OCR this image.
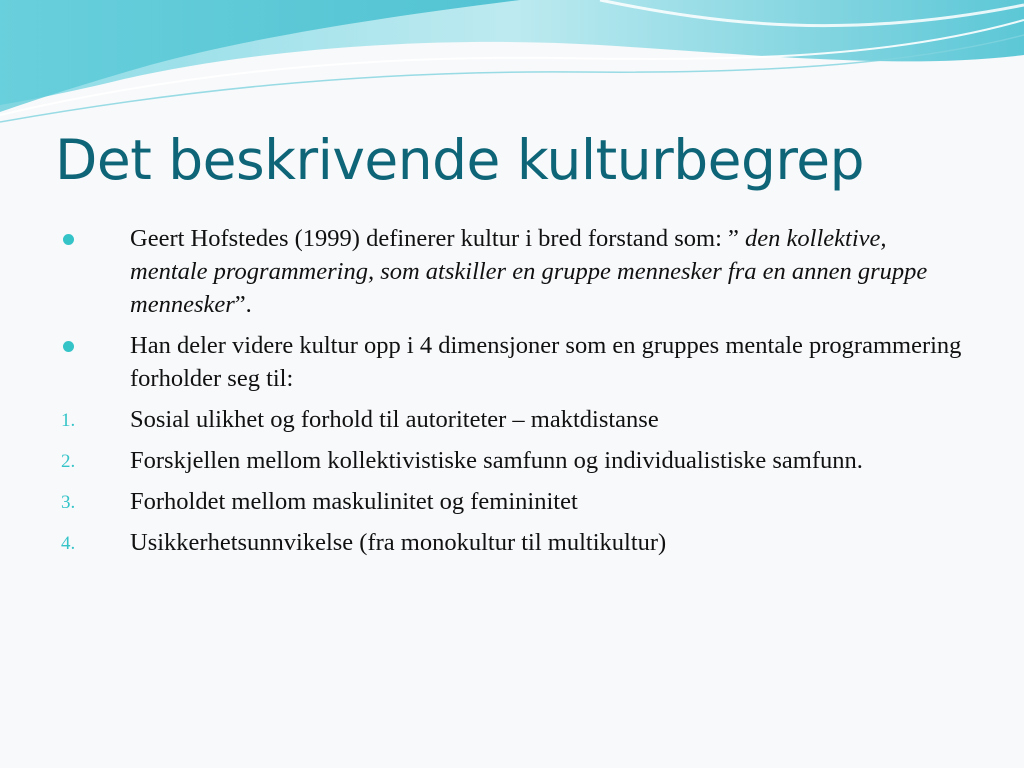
Det beskrivende kulturbegrep
Geert Hofstedes (1999) definerer kultur i bred forstand som: ” den kollektive, mentale programmering, som atskiller en gruppe mennesker fra en annen gruppe mennesker”.
Han deler videre kultur opp i 4 dimensjoner som en gruppes mentale programmering forholder seg til:
1. Sosial ulikhet og forhold til autoriteter – maktdistanse
2. Forskjellen mellom kollektivistiske samfunn og individualistiske samfunn.
3. Forholdet mellom maskulinitet og femininitet
4. Usikkerhetsunnvikelse (fra monokultur til multikultur)
